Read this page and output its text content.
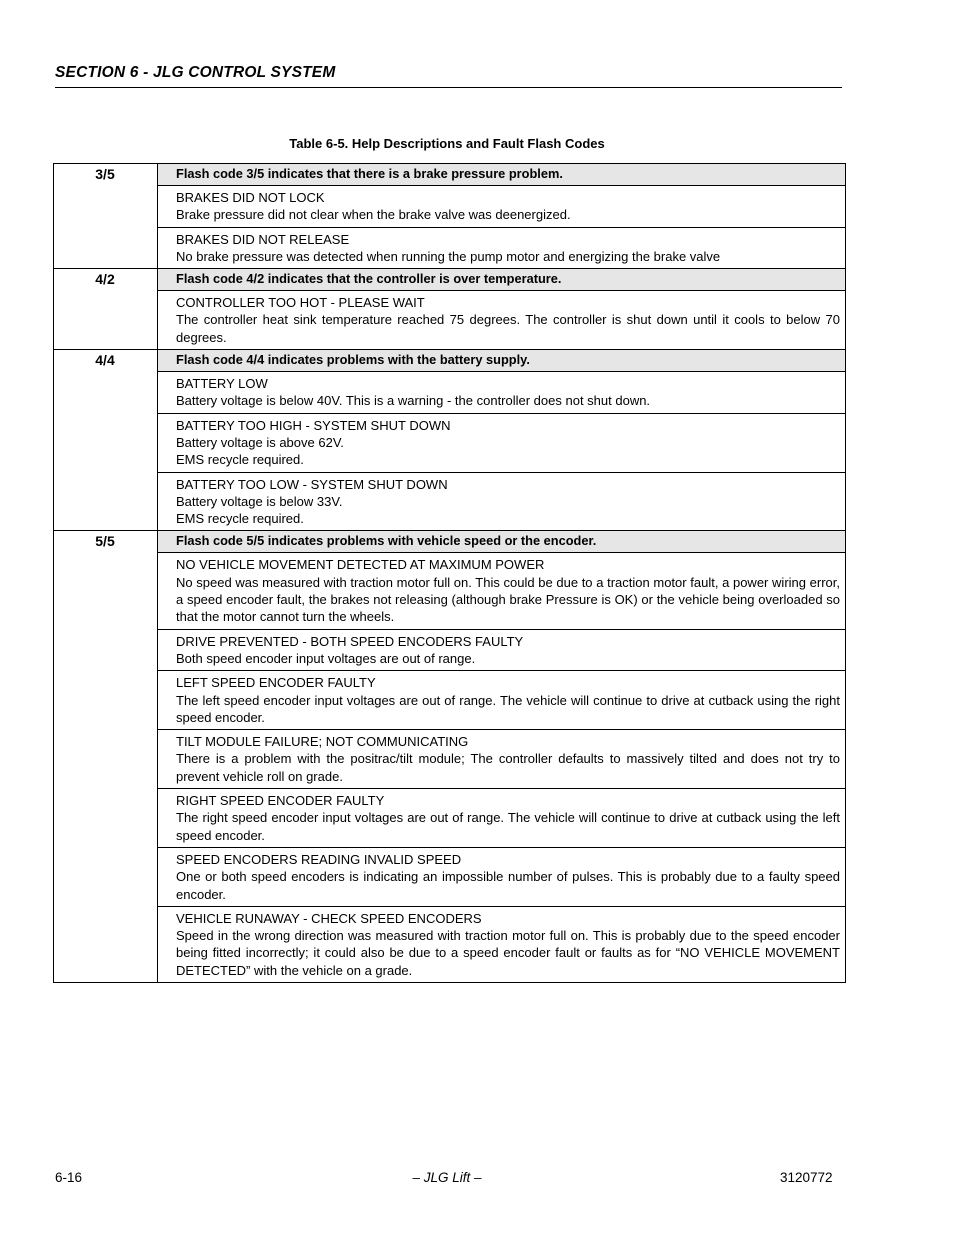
SECTION 6 - JLG CONTROL SYSTEM
Table 6-5. Help Descriptions and Fault Flash Codes
3/5	Flash code 3/5 indicates that there is a brake pressure problem.

	BRAKES DID NOT LOCK
Brake pressure did not clear when the brake valve was deenergized.

	BRAKES DID NOT RELEASE
No brake pressure was detected when running the pump motor and energizing the brake valve

4/2	Flash code 4/2 indicates that the controller is over temperature.

	CONTROLLER TOO HOT - PLEASE WAIT
The controller heat sink temperature reached 75 degrees. The controller is shut down until it cools to below 70 degrees.

4/4	Flash code 4/4 indicates problems with the battery supply.

	BATTERY LOW
Battery voltage is below 40V. This is a warning - the controller does not shut down.

	BATTERY TOO HIGH - SYSTEM SHUT DOWN
Battery voltage is above 62V.
EMS recycle required.

	BATTERY TOO LOW - SYSTEM SHUT DOWN
Battery voltage is below 33V.
EMS recycle required.

5/5	Flash code 5/5 indicates problems with vehicle speed or the encoder.

	NO VEHICLE MOVEMENT DETECTED AT MAXIMUM POWER
No speed was measured with traction motor full on. This could be due to a traction motor fault, a power wiring error, a speed encoder fault, the brakes not releasing (although brake Pressure is OK) or the vehicle being overloaded so that the motor cannot turn the wheels.

	DRIVE PREVENTED - BOTH SPEED ENCODERS FAULTY
Both speed encoder input voltages are out of range.

	LEFT SPEED ENCODER FAULTY
The left speed encoder input voltages are out of range. The vehicle will continue to drive at cutback using the right speed encoder.

	TILT MODULE FAILURE; NOT COMMUNICATING
There is a problem with the positrac/tilt module; The controller defaults to massively tilted and does not try to prevent vehicle roll on grade.

	RIGHT SPEED ENCODER FAULTY
The right speed encoder input voltages are out of range. The vehicle will continue to drive at cutback using the left speed encoder.

	SPEED ENCODERS READING INVALID SPEED
One or both speed encoders is indicating an impossible number of pulses. This is probably due to a faulty speed encoder.

	VEHICLE RUNAWAY - CHECK SPEED ENCODERS
Speed in the wrong direction was measured with traction motor full on. This is probably due to the speed encoder being fitted incorrectly; it could also be due to a speed encoder fault or faults as for “NO VEHICLE MOVEMENT DETECTED” with the vehicle on a grade.
6-16	– JLG Lift –	3120772
